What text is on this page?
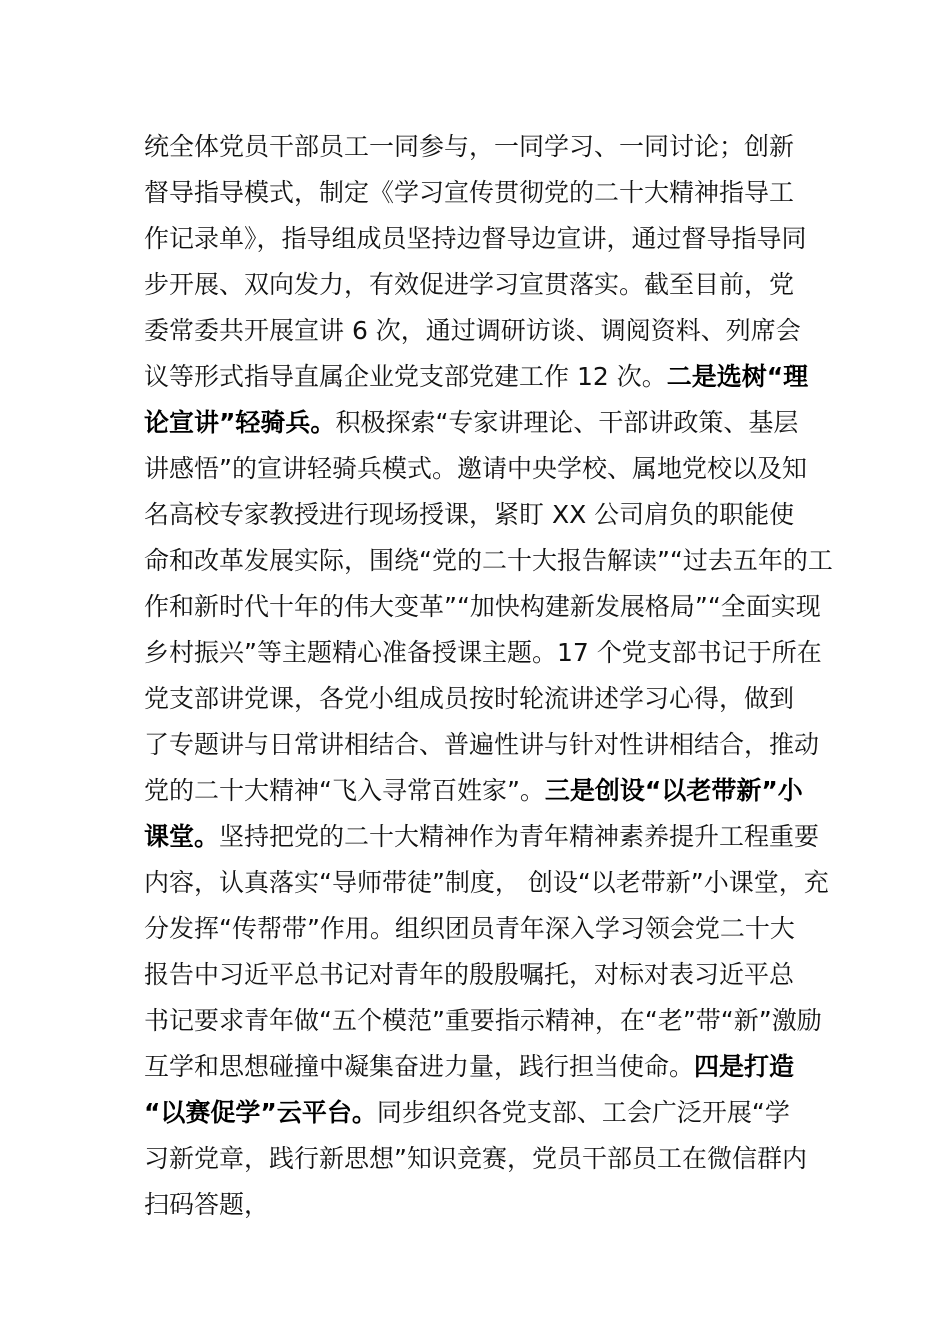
统全体党员干部员工一同参与，一同学习、一同讨论；创新
督导指导模式，制定《学习宣传贯彻党的二十大精神指导工
作记录单》，指导组成员坚持边督导边宣讲，通过督导指导同
步开展、双向发力，有效促进学习宣贯落实。截至目前，党
委常委共开展宣讲 6 次，通过调研访谈、调阅资料、列席会
议等形式指导直属企业党支部党建工作 12 次。二是选树“理
论宣讲”轻骑兵。积极探索“专家讲理论、干部讲政策、基层
讲感悟”的宣讲轻骑兵模式。邀请中央学校、属地党校以及知
名高校专家教授进行现场授课，紧盯 XX 公司肩负的职能使
命和改革发展实际，围绕“党的二十大报告解读”“过去五年的工
作和新时代十年的伟大变革”“加快构建新发展格局”“全面实现
乡村振兴”等主题精心准备授课主题。17 个党支部书记于所在
党支部讲党课，各党小组成员按时轮流讲述学习心得，做到
了专题讲与日常讲相结合、普遍性讲与针对性讲相结合，推动
党的二十大精神“飞入寻常百姓家”。三是创设“以老带新”小
课堂。坚持把党的二十大精神作为青年精神素养提升工程重要
内容，认真落实“导师带徒”制度， 创设“以老带新”小课堂，充
分发挥“传帮带”作用。组织团员青年深入学习领会党二十大
报告中习近平总书记对青年的殷殷嘱托，对标对表习近平总
书记要求青年做“五个模范”重要指示精神，在“老”带“新”激励
互学和思想碰撞中凝集奋进力量，践行担当使命。四是打造
“以赛促学”云平台。同步组织各党支部、工会广泛开展“学
习新党章，践行新思想”知识竞赛，党员干部员工在微信群内
扫码答题，
